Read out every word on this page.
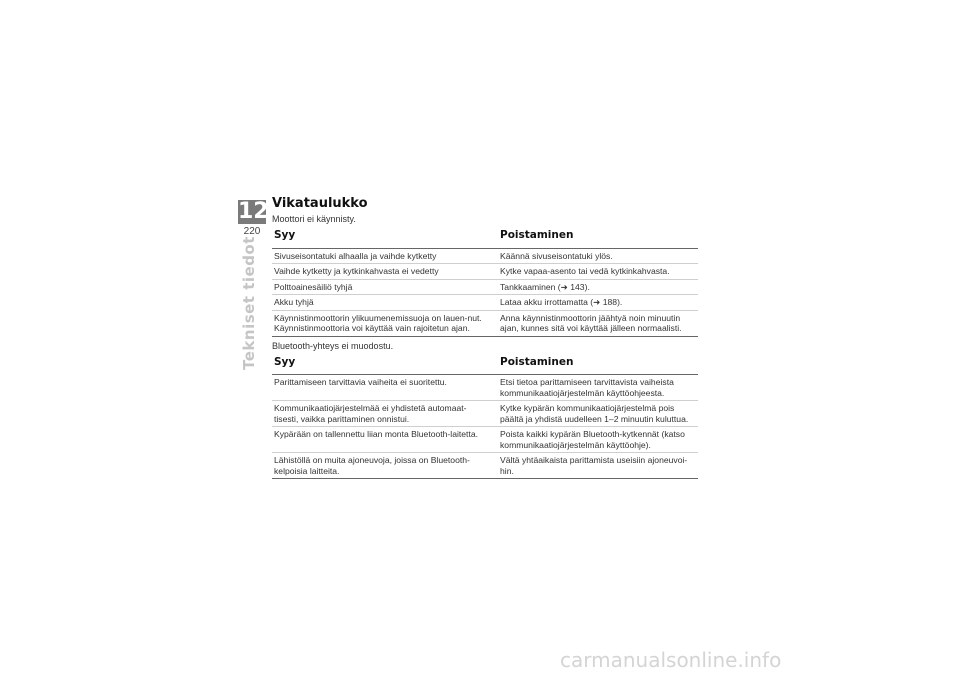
12
220
Tekniset tiedot
Vikataulukko

Moottori ei käynnisty.

Syy	Poistaminen
Sivuseisontatuki alhaalla ja vaihde kytketty	Käännä sivuseisontatuki ylös.
Vaihde kytketty ja kytkinkahvasta ei vedetty	Kytke vapaa-asento tai vedä kytkinkahvasta.
Polttoainesäiliö tyhjä	Tankkaaminen (➜ 143).
Akku tyhjä	Lataa akku irrottamatta (➜ 188).
Käynnistinmoottorin ylikuumenemissuoja on lauen-nut. Käynnistinmoottoria voi käyttää vain rajoitetun ajan.	Anna käynnistinmoottorin jäähtyä noin minuutin ajan, kunnes sitä voi käyttää jälleen normaalisti.

Bluetooth-yhteys ei muodostu.

Syy	Poistaminen
Parittamiseen tarvittavia vaiheita ei suoritettu.	Etsi tietoa parittamiseen tarvittavista vaiheista kommunikaatiojärjestelmän käyttöohjeesta.
Kommunikaatiojärjestelmää ei yhdistetä automaat-tisesti, vaikka parittaminen onnistui.	Kytke kypärän kommunikaatiojärjestelmä pois päältä ja yhdistä uudelleen 1–2 minuutin kuluttua.
Kypärään on tallennettu liian monta Bluetooth-laitetta.	Poista kaikki kypärän Bluetooth-kytkennät (katso kommunikaatiojärjestelmän käyttöohje).
Lähistöllä on muita ajoneuvoja, joissa on Bluetooth-kelpoisia laitteita.	Vältä yhtäaikaista parittamista useisiin ajoneuvoi-hin.
carmanualsonline.info
